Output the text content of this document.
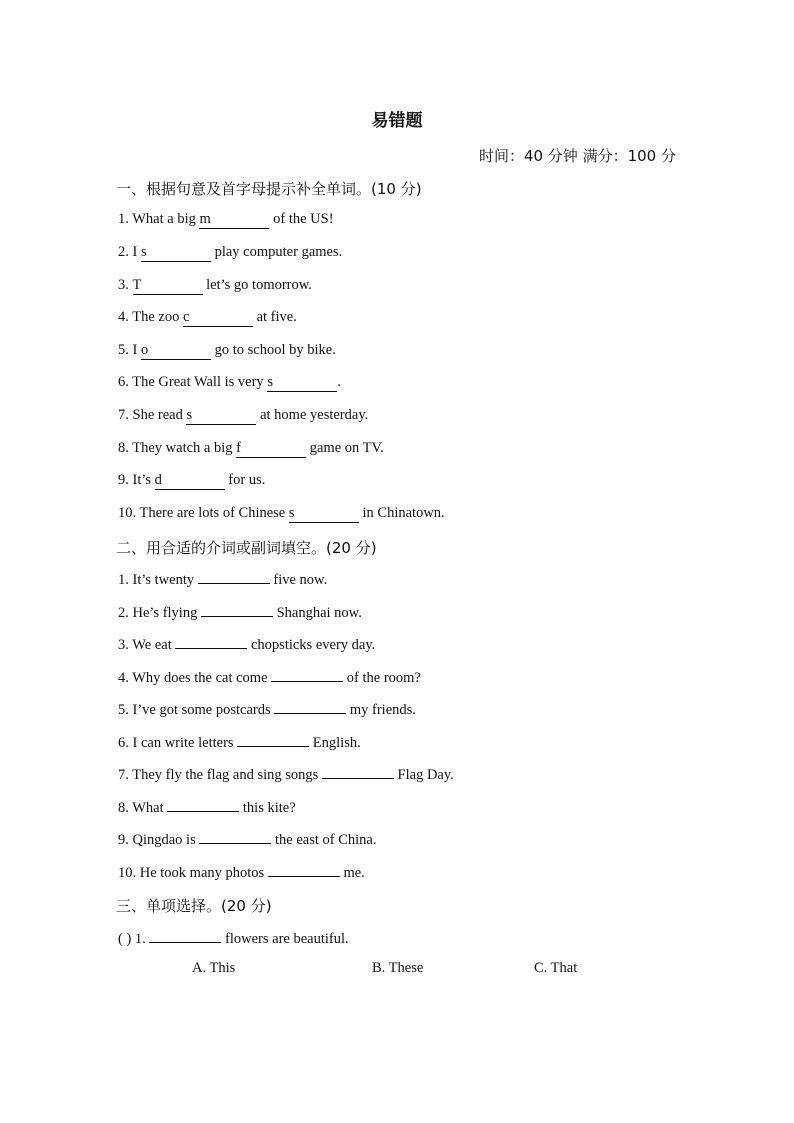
易错题
时间：40 分钟 满分：100 分
一、根据句意及首字母提示补全单词。(10 分)
1. What a big m	of the US!
2. I s	play computer games.
3. T	let’s go tomorrow.
4. The zoo c	at five.
5. I o	go to school by bike.
6. The Great Wall is very s	.
7. She read s	at home yesterday.
8. They watch a big f	game on TV.
9. It’s d	for us.
10. There are lots of Chinese s	in Chinatown.
二、用合适的介词或副词填空。(20 分)
1. It’s twenty	five now.
2. He’s flying	Shanghai now.
3. We eat	chopsticks every day.
4. Why does the cat come	of the room?
5. I’ve got some postcards	my friends.
6. I can write letters	English.
7. They fly the flag and sing songs	Flag Day.
8. What	this kite?
9. Qingdao is	the east of China.
10. He took many photos	me.
三、单项选择。(20 分)
( ) 1.	flowers are beautiful.
A. This	B. These	C. That
